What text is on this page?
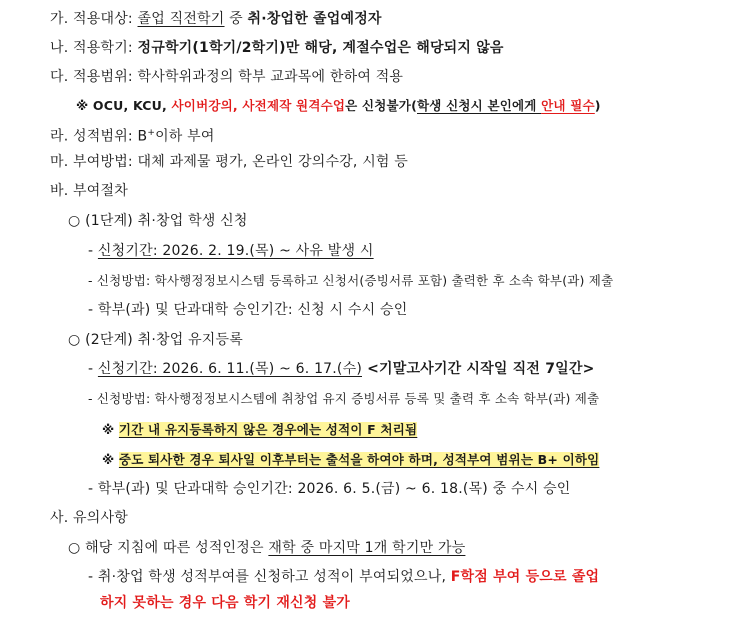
가. 적용대상: 졸업 직전학기 중 취·창업한 졸업예정자
나. 적용학기: 정규학기(1학기/2학기)만 해당, 계절수업은 해당되지 않음
다. 적용범위: 학사학위과정의 학부 교과목에 한하여 적용
※ OCU, KCU, 사이버강의, 사전제작 원격수업은 신청불가(학생 신청시 본인에게 안내 필수)
라. 성적범위: B+이하 부여
마. 부여방법: 대체 과제물 평가, 온라인 강의수강, 시험 등
바. 부여절차
○ (1단계) 취·창업 학생 신청
- 신청기간: 2026. 2. 19.(목) ~ 사유 발생 시
- 신청방법: 학사행정정보시스템 등록하고 신청서(증빙서류 포함) 출력한 후 소속 학부(과) 제출
- 학부(과) 및 단과대학 승인기간: 신청 시 수시 승인
○ (2단계) 취·창업 유지등록
- 신청기간: 2026. 6. 11.(목) ~ 6. 17.(수) <기말고사기간 시작일 직전 7일간>
- 신청방법: 학사행정정보시스템에 취창업 유지 증빙서류 등록 및 출력 후 소속 학부(과) 제출
※ 기간 내 유지등록하지 않은 경우에는 성적이 F 처리됨
※ 중도 퇴사한 경우 퇴사일 이후부터는 출석을 하여야 하며, 성적부여 범위는 B+ 이하임
- 학부(과) 및 단과대학 승인기간: 2026. 6. 5.(금) ~ 6. 18.(목) 중 수시 승인
사. 유의사항
○ 해당 지침에 따른 성적인정은 재학 중 마지막 1개 학기만 가능
- 취·창업 학생 성적부여를 신청하고 성적이 부여되었으나, F학점 부여 등으로 졸업
하지 못하는 경우 다음 학기 재신청 불가
